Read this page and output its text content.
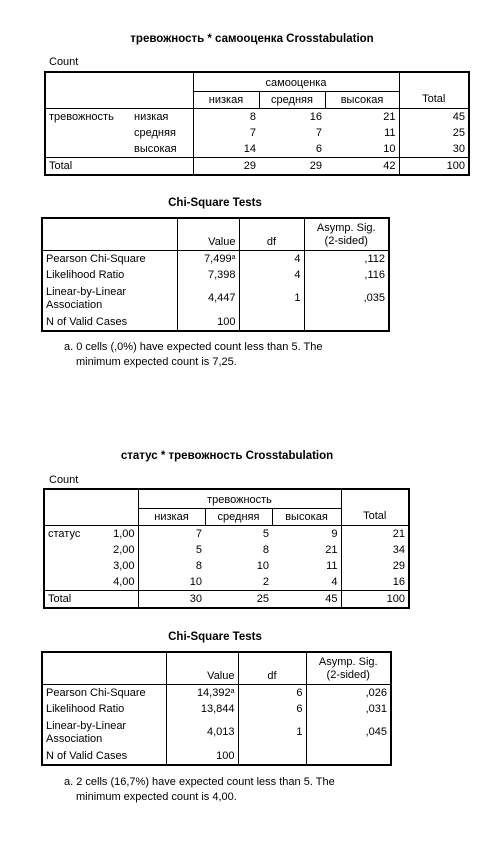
тревожность * самооценка Crosstabulation
Count
		самооценка			
		низкая	средняя	высокая	Total
тревожность	низкая	8	16	21	45
	средняя	7	7	11	25
	высокая	14	6	10	30
Total		29	29	42	100
Chi-Square Tests
	Value	df	Asymp. Sig.
(2-sided)

Pearson Chi-Square	7,499$^a$	4	,112
Likelihood Ratio	7,398	4	,116

Linear-by-Linear
Association	4,447	1	,035
N of Valid Cases	100		
a. 0 cells (,0%) have expected count less than 5. The
minimum expected count is 7,25.
статус * тревожность Crosstabulation
Count
		тревожность			
		низкая	средняя	высокая	Total
статус	1,00	7	5	9	21
	2,00	5	8	21	34
	3,00	8	10	11	29
	4,00	10	2	4	16
Total		30	25	45	100
Chi-Square Tests
	Value	df	Asymp. Sig.
(2-sided)

Pearson Chi-Square	14,392$^a$	6	,026
Likelihood Ratio	13,844	6	,031

Linear-by-Linear
Association	4,013	1	,045
N of Valid Cases	100		
a. 2 cells (16,7%) have expected count less than 5. The
minimum expected count is 4,00.
